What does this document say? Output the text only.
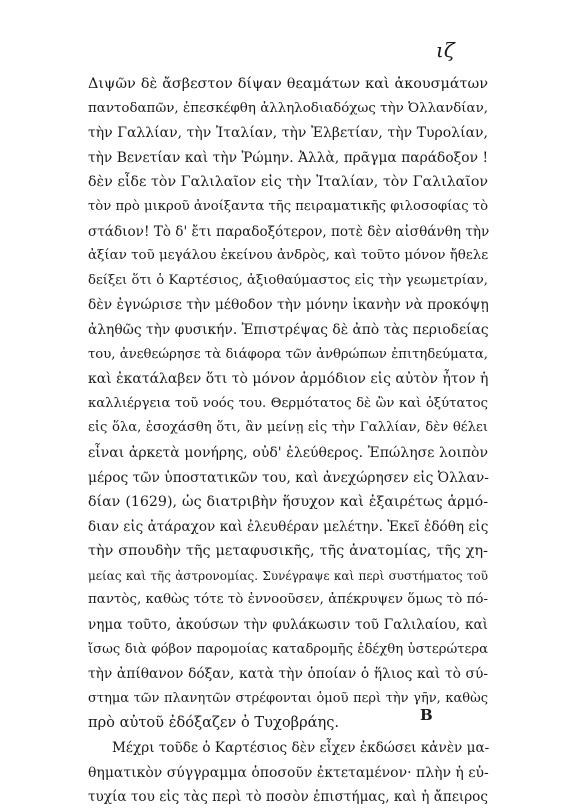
ιζ
Διψῶν δὲ ἄσβεστον δίψαν θεαμάτων καὶ ἀκουσμάτων
παντοδαπῶν, ἐπεσκέφθη ἀλληλοδιαδόχως τὴν Ὀλλανδίαν,
τὴν Γαλλίαν, τὴν Ἰταλίαν, τὴν Ἐλβετίαν, τὴν Τυρολίαν,
τὴν Βενετίαν καὶ τὴν Ῥώμην. Ἀλλὰ, πρᾶγμα παράδοξον !
δὲν εἶδε τὸν Γαλιλαῖον εἰς τὴν Ἰταλίαν, τὸν Γαλιλαῖον
τὸν πρὸ μικροῦ ἀνοίξαντα τῆς πειραματικῆς φιλοσοφίας τὸ
στάδιον! Τὸ δ' ἔτι παραδοξότερον, ποτὲ δὲν αἰσθάνθη τὴν
ἀξίαν τοῦ μεγάλου ἐκείνου ἀνδρὸς, καὶ τοῦτο μόνον ἤθελε
δείξει ὅτι ὁ Καρτέσιος, ἀξιοθαύμαστος εἰς τὴν γεωμετρίαν,
δὲν ἐγνώρισε τὴν μέθοδον τὴν μόνην ἱκανὴν νὰ προκόψῃ
ἀληθῶς τὴν φυσικήν. Ἐπιστρέψας δὲ ἀπὸ τὰς περιοδείας
του, ἀνεθεώρησε τὰ διάφορα τῶν ἀνθρώπων ἐπιτηδεύματα,
καὶ ἐκατάλαβεν ὅτι τὸ μόνον ἁρμόδιον εἰς αὐτὸν ἦτον ἡ
καλλιέργεια τοῦ νοός του. Θερμότατος δὲ ὢν καὶ ὀξύτατος
εἰς ὅλα, ἐσοχάσθη ὅτι, ἂν μείνῃ εἰς τὴν Γαλλίαν, δὲν θέλει
εἶναι ἀρκετὰ μονήρης, οὐδ' ἐλεύθερος. Ἐπώλησε λοιπὸν
μέρος τῶν ὑποστατικῶν του, καὶ ἀνεχώρησεν εἰς Ὀλλαν-
δίαν (1629), ὡς διατριβὴν ἥσυχον καὶ ἐξαιρέτως ἁρμό-
διαν εἰς ἀτάραχον καὶ ἐλευθέραν μελέτην. Ἐκεῖ ἐδόθη εἰς
τὴν σπουδὴν τῆς μεταφυσικῆς, τῆς ἀνατομίας, τῆς χη-
μείας καὶ τῆς ἀστρονομίας. Συνέγραψε καὶ περὶ συστήματος τοῦ
παντὸς, καθὼς τότε τὸ ἐννοοῦσεν, ἀπέκρυψεν ὅμως τὸ πό-
νημα τοῦτο, ἀκούσων τὴν φυλάκωσιν τοῦ Γαλιλαίου, καὶ
ἴσως διὰ φόβον παρομοίας καταδρομῆς ἐδέχθη ὑστερώτερα
τὴν ἀπίθανον δόξαν, κατὰ τὴν ὁποίαν ὁ ἥλιος καὶ τὸ σύ-
στημα τῶν πλανητῶν στρέφονται ὁμοῦ περὶ τὴν γῆν, καθὼς
πρὸ αὐτοῦ ἐδόξαζεν ὁ Τυχοβράης.
Μέχρι τοῦδε ὁ Καρτέσιος δὲν εἶχεν ἐκδώσει κἀνὲν μα-
θηματικὸν σύγγραμμα ὁποσοῦν ἐκτεταμένον· πλὴν ἡ εὐ-
τυχία του εἰς τὰς περὶ τὸ ποσὸν ἐπιστήμας, καὶ ἡ ἄπειρος
B
